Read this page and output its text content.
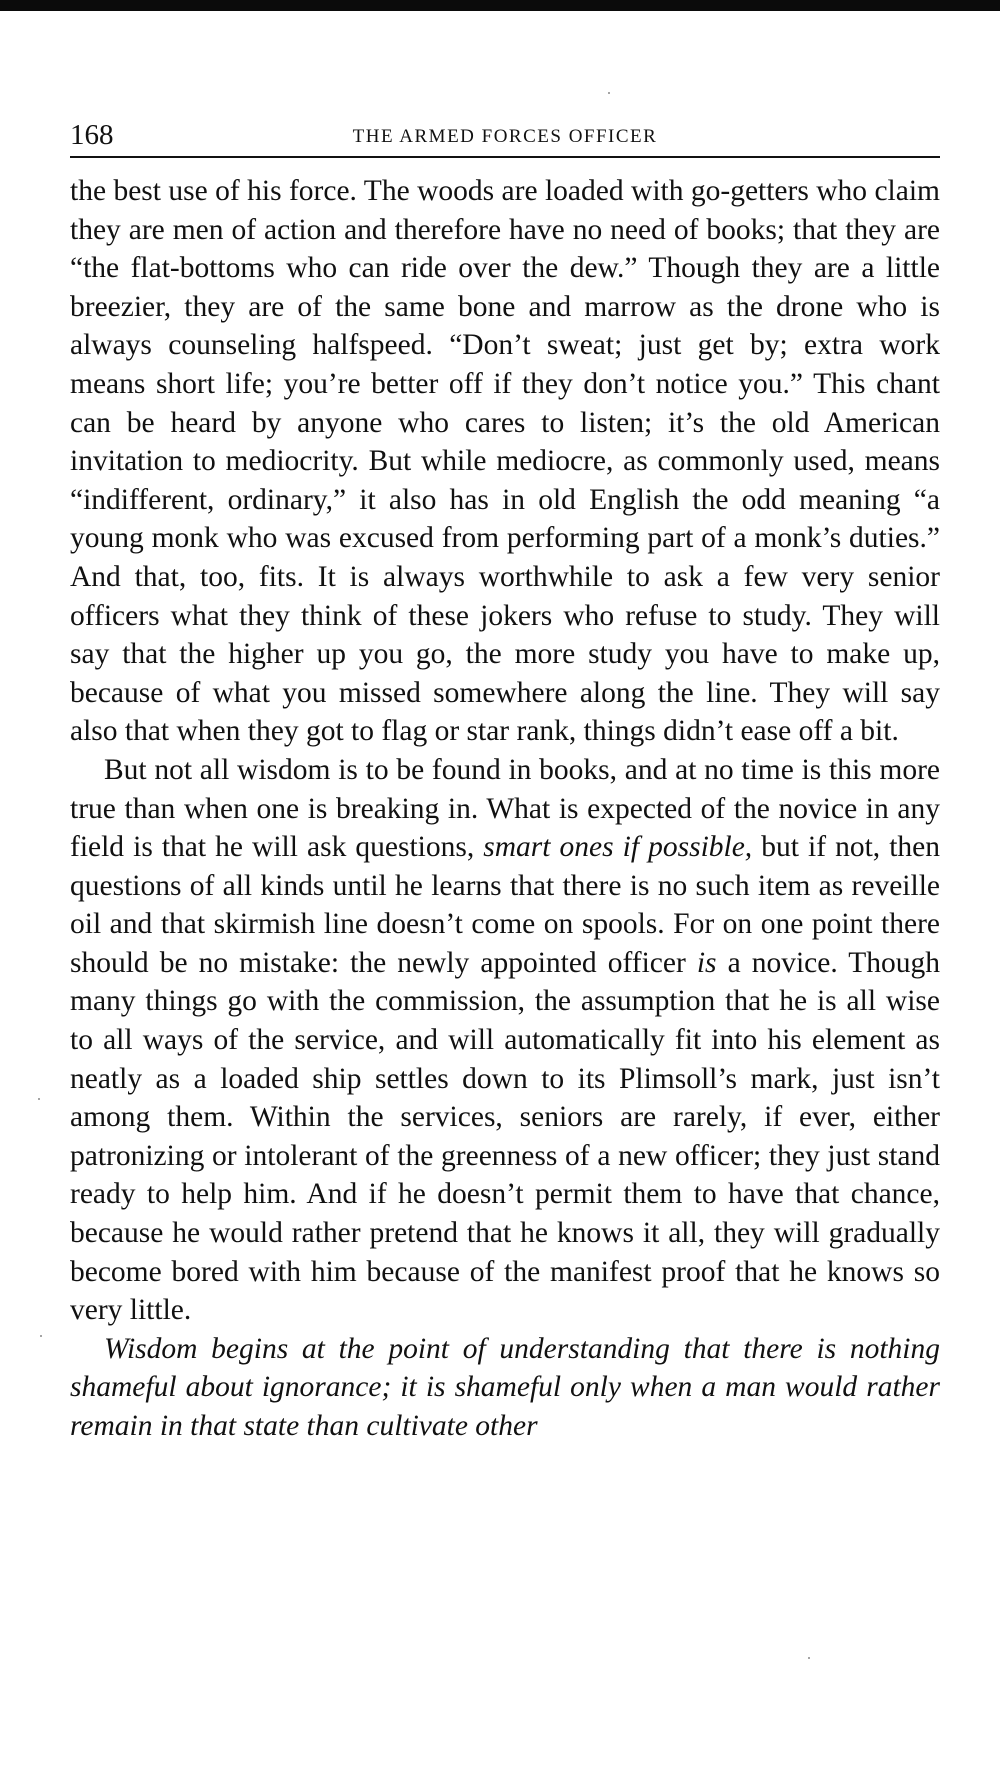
168	THE ARMED FORCES OFFICER

the best use of his force. The woods are loaded with go-getters who claim they are men of action and therefore have no need of books; that they are “the flat-bottoms who can ride over the dew.” Though they are a little breezier, they are of the same bone and marrow as the drone who is always counseling halfspeed. “Don’t sweat; just get by; extra work means short life; you’re better off if they don’t notice you.” This chant can be heard by anyone who cares to listen; it’s the old American invitation to mediocrity. But while mediocre, as commonly used, means “indifferent, ordinary,” it also has in old English the odd meaning “a young monk who was excused from performing part of a monk’s duties.” And that, too, fits. It is always worthwhile to ask a few very senior officers what they think of these jokers who refuse to study. They will say that the higher up you go, the more study you have to make up, because of what you missed somewhere along the line. They will say also that when they got to flag or star rank, things didn’t ease off a bit.

But not all wisdom is to be found in books, and at no time is this more true than when one is breaking in. What is expected of the novice in any field is that he will ask questions, smart ones if possible, but if not, then questions of all kinds until he learns that there is no such item as reveille oil and that skirmish line doesn’t come on spools. For on one point there should be no mistake: the newly appointed officer is a novice. Though many things go with the commission, the assumption that he is all wise to all ways of the service, and will automatically fit into his element as neatly as a loaded ship settles down to its Plimsoll’s mark, just isn’t among them. Within the services, seniors are rarely, if ever, either patronizing or intolerant of the greenness of a new officer; they just stand ready to help him. And if he doesn’t permit them to have that chance, because he would rather pretend that he knows it all, they will gradually become bored with him because of the manifest proof that he knows so very little.

Wisdom begins at the point of understanding that there is nothing shameful about ignorance; it is shameful only when a man would rather remain in that state than cultivate other
